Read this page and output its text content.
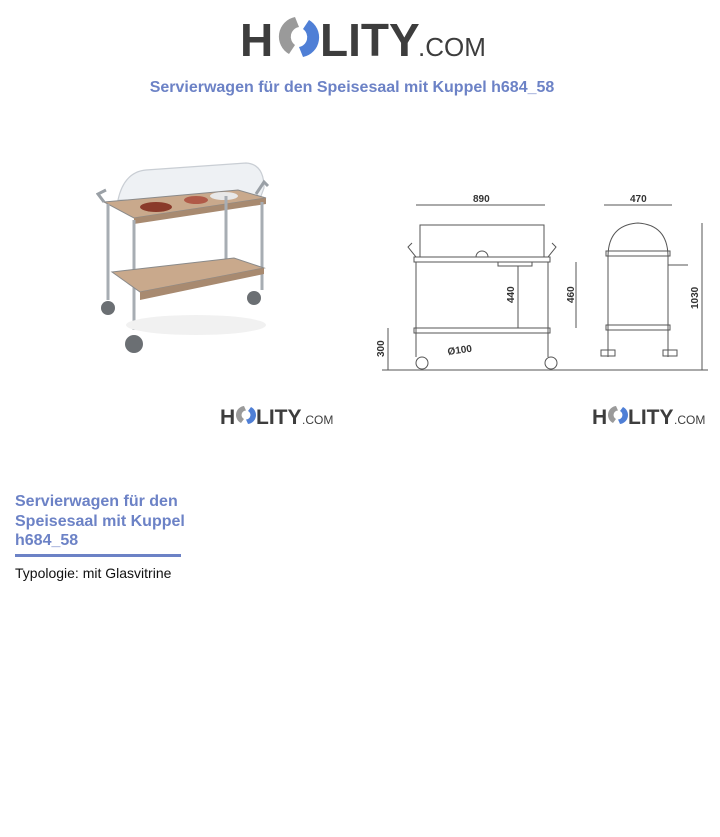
H LITY
.COM
Servierwagen für den Speisesaal mit Kuppel h684_58
890
440	460
300	Ø100
470
1030
H LITY .COM	H LITY .COM
Servierwagen für den Speisesaal mit Kuppel h684_58
Typologie: mit Glasvitrine
